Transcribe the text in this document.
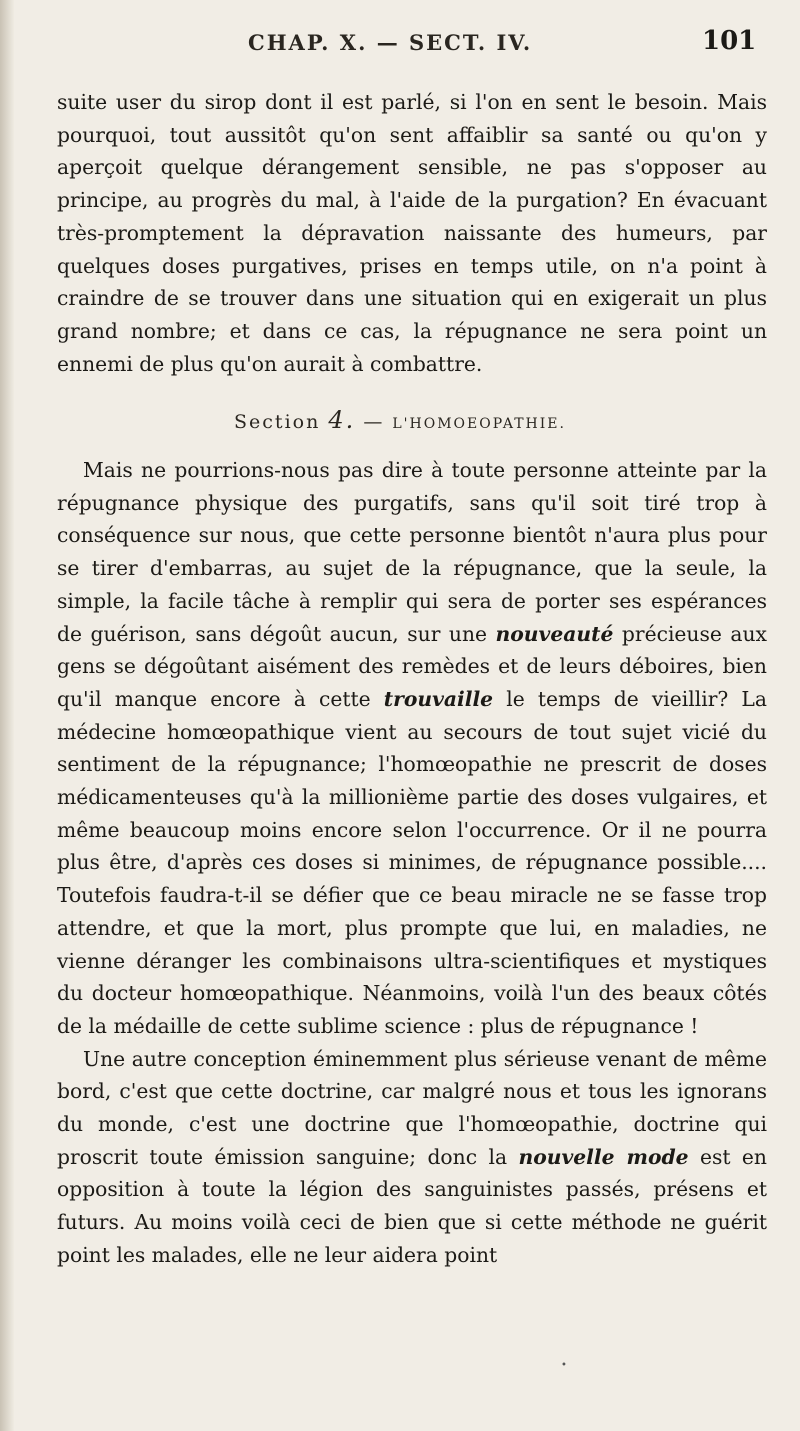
CHAP. X. — SECT. IV.	101

suite user du sirop dont il est parlé, si l'on en sent le besoin. Mais pourquoi, tout aussitôt qu'on sent affaiblir sa santé ou qu'on y aperçoit quelque dérangement sensible, ne pas s'opposer au principe, au progrès du mal, à l'aide de la purgation? En évacuant très-promptement la dépravation naissante des humeurs, par quelques doses purgatives, prises en temps utile, on n'a point à craindre de se trouver dans une situation qui en exigerait un plus grand nombre; et dans ce cas, la répugnance ne sera point un ennemi de plus qu'on aurait à combattre.

Section 4. — L'HOMOEOPATHIE.

Mais ne pourrions-nous pas dire à toute personne atteinte par la répugnance physique des purgatifs, sans qu'il soit tiré trop à conséquence sur nous, que cette personne bientôt n'aura plus pour se tirer d'embarras, au sujet de la répugnance, que la seule, la simple, la facile tâche à remplir qui sera de porter ses espérances de guérison, sans dégoût aucun, sur une nouveauté précieuse aux gens se dégoûtant aisément des remèdes et de leurs déboires, bien qu'il manque encore à cette trouvaille le temps de vieillir? La médecine homœopathique vient au secours de tout sujet vicié du sentiment de la répugnance; l'homœopathie ne prescrit de doses médicamenteuses qu'à la millionième partie des doses vulgaires, et même beaucoup moins encore selon l'occurrence. Or il ne pourra plus être, d'après ces doses si minimes, de répugnance possible.... Toutefois faudra-t-il se défier que ce beau miracle ne se fasse trop attendre, et que la mort, plus prompte que lui, en maladies, ne vienne déranger les combinaisons ultra-scientifiques et mystiques du docteur homœopathique. Néanmoins, voilà l'un des beaux côtés de la médaille de cette sublime science : plus de répugnance !

Une autre conception éminemment plus sérieuse venant de même bord, c'est que cette doctrine, car malgré nous et tous les ignorans du monde, c'est une doctrine que l'homœopathie, doctrine qui proscrit toute émission sanguine; donc la nouvelle mode est en opposition à toute la légion des sanguinistes passés, présens et futurs. Au moins voilà ceci de bien que si cette méthode ne guérit point les malades, elle ne leur aidera point

•
